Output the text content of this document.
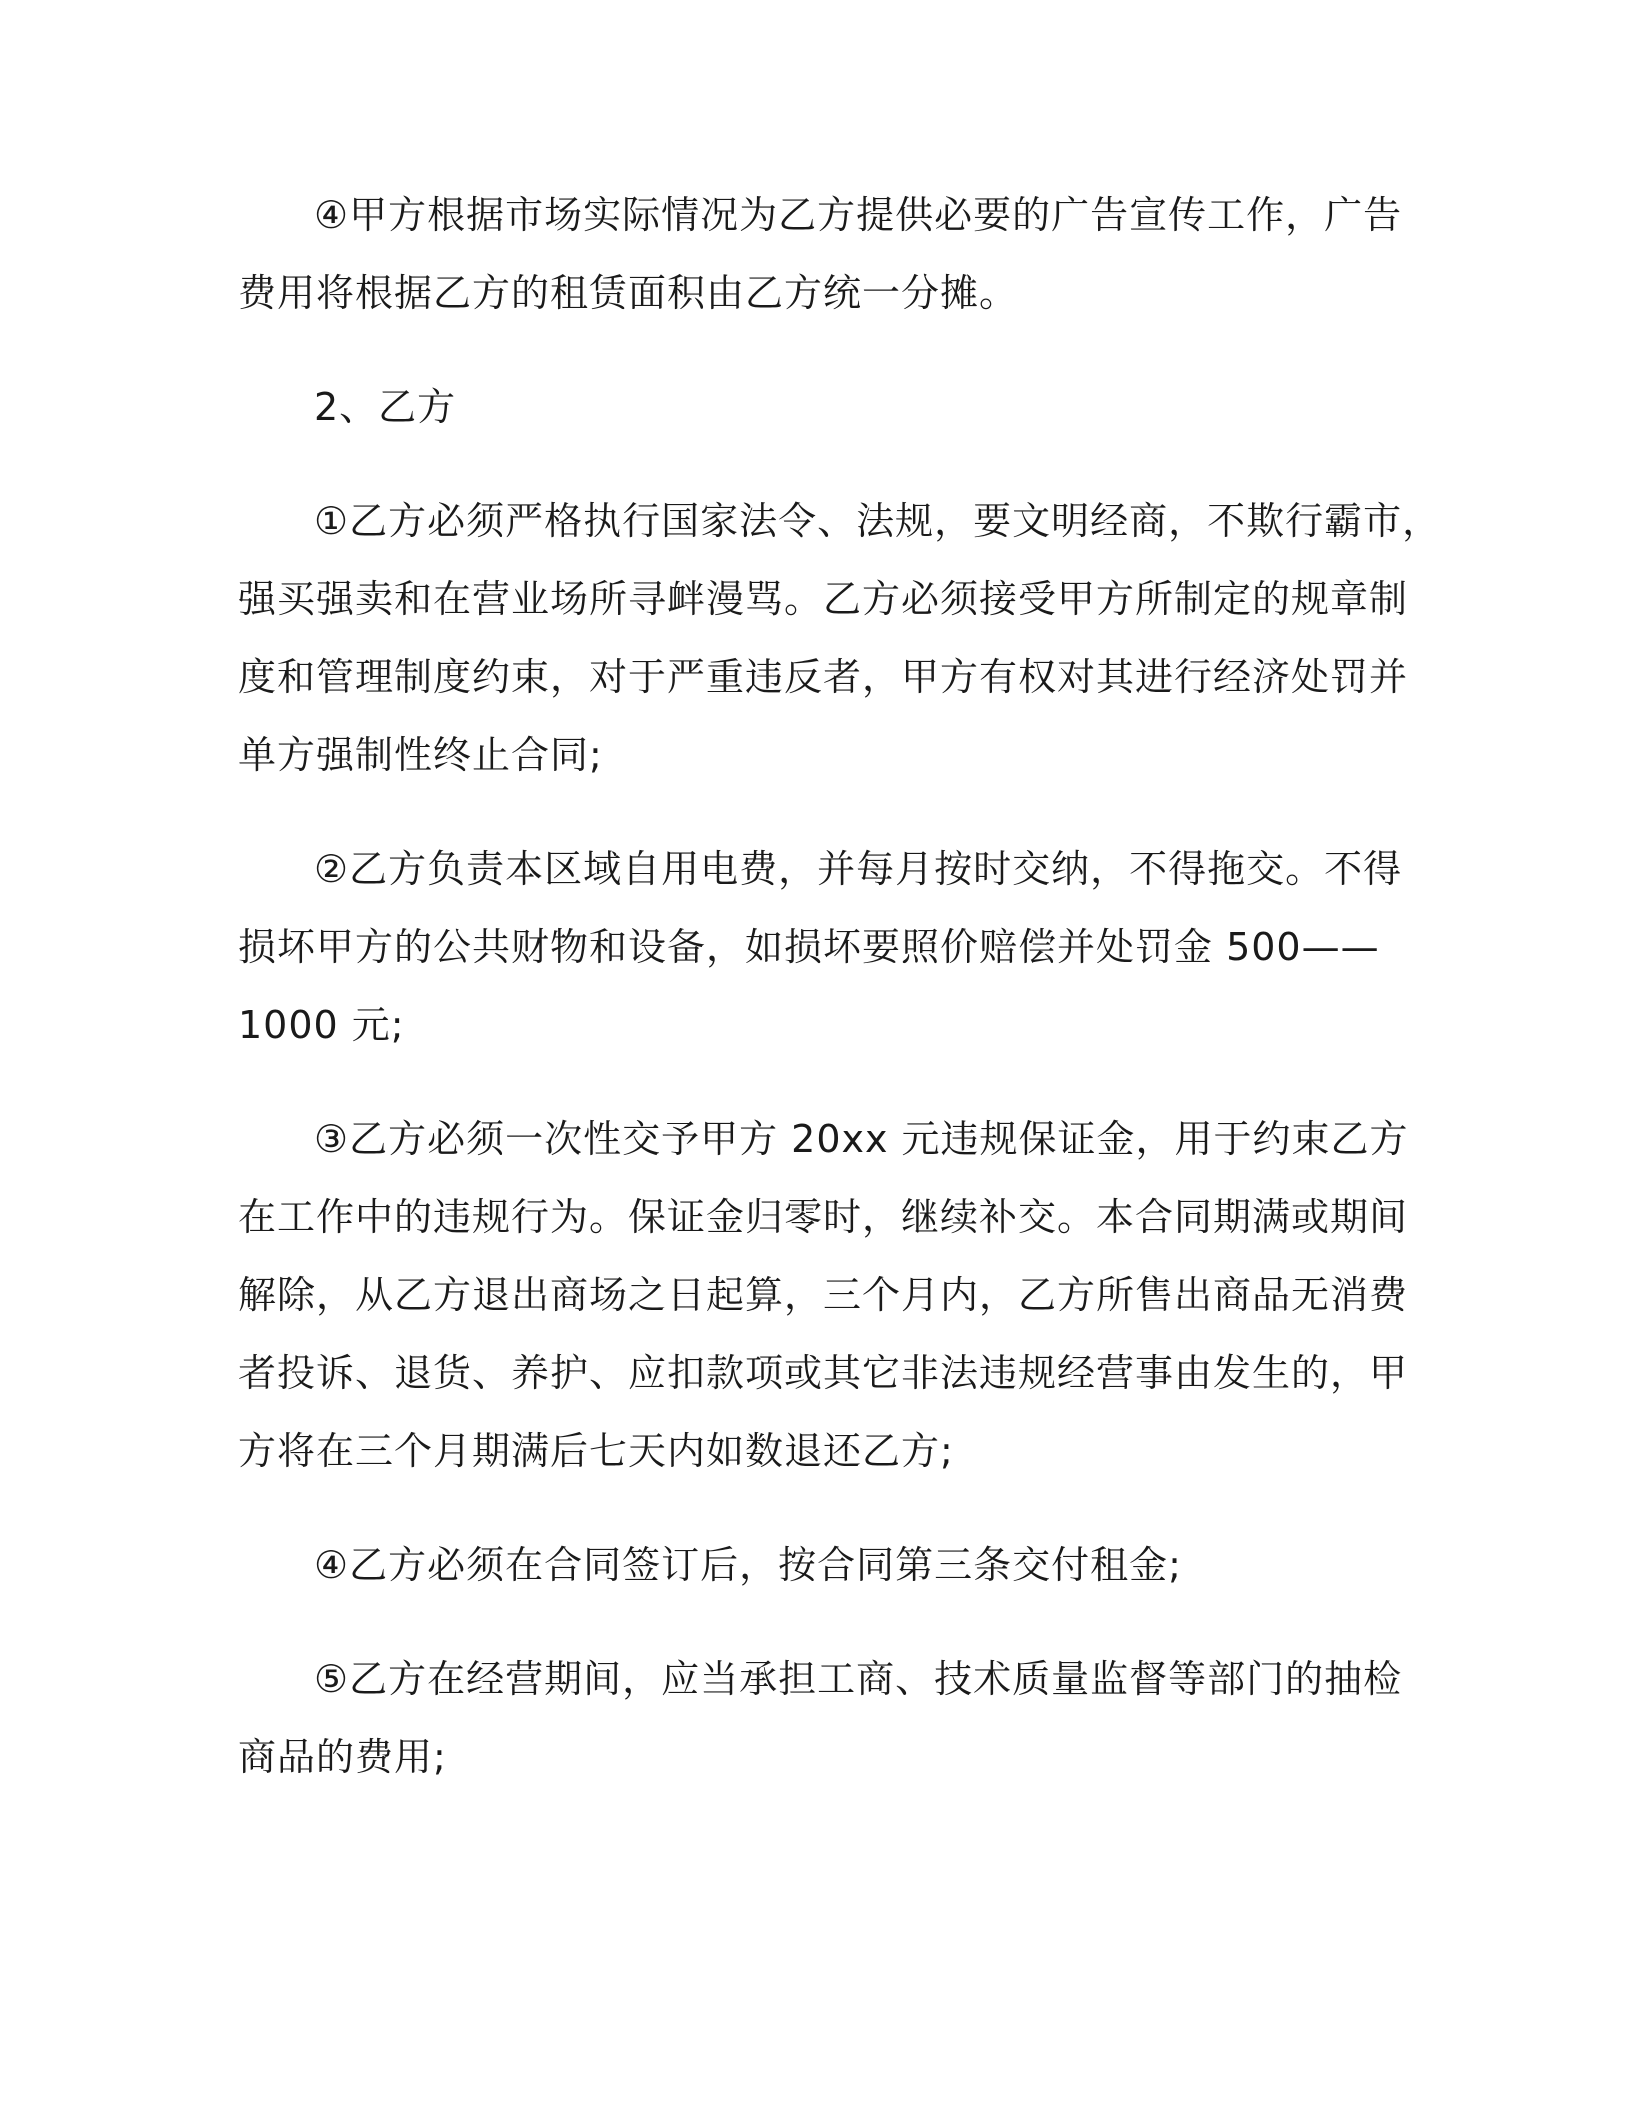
④甲方根据市场实际情况为乙方提供必要的广告宣传工作，广告
费用将根据乙方的租赁面积由乙方统一分摊。
2、乙方
①乙方必须严格执行国家法令、法规，要文明经商，不欺行霸市，
强买强卖和在营业场所寻衅漫骂。乙方必须接受甲方所制定的规章制
度和管理制度约束，对于严重违反者，甲方有权对其进行经济处罚并
单方强制性终止合同;
②乙方负责本区域自用电费，并每月按时交纳，不得拖交。不得
损坏甲方的公共财物和设备，如损坏要照价赔偿并处罚金 500——
1000 元;
③乙方必须一次性交予甲方 20xx 元违规保证金，用于约束乙方
在工作中的违规行为。保证金归零时，继续补交。本合同期满或期间
解除，从乙方退出商场之日起算，三个月内，乙方所售出商品无消费
者投诉、退货、养护、应扣款项或其它非法违规经营事由发生的，甲
方将在三个月期满后七天内如数退还乙方;
④乙方必须在合同签订后，按合同第三条交付租金;
⑤乙方在经营期间，应当承担工商、技术质量监督等部门的抽检
商品的费用;
